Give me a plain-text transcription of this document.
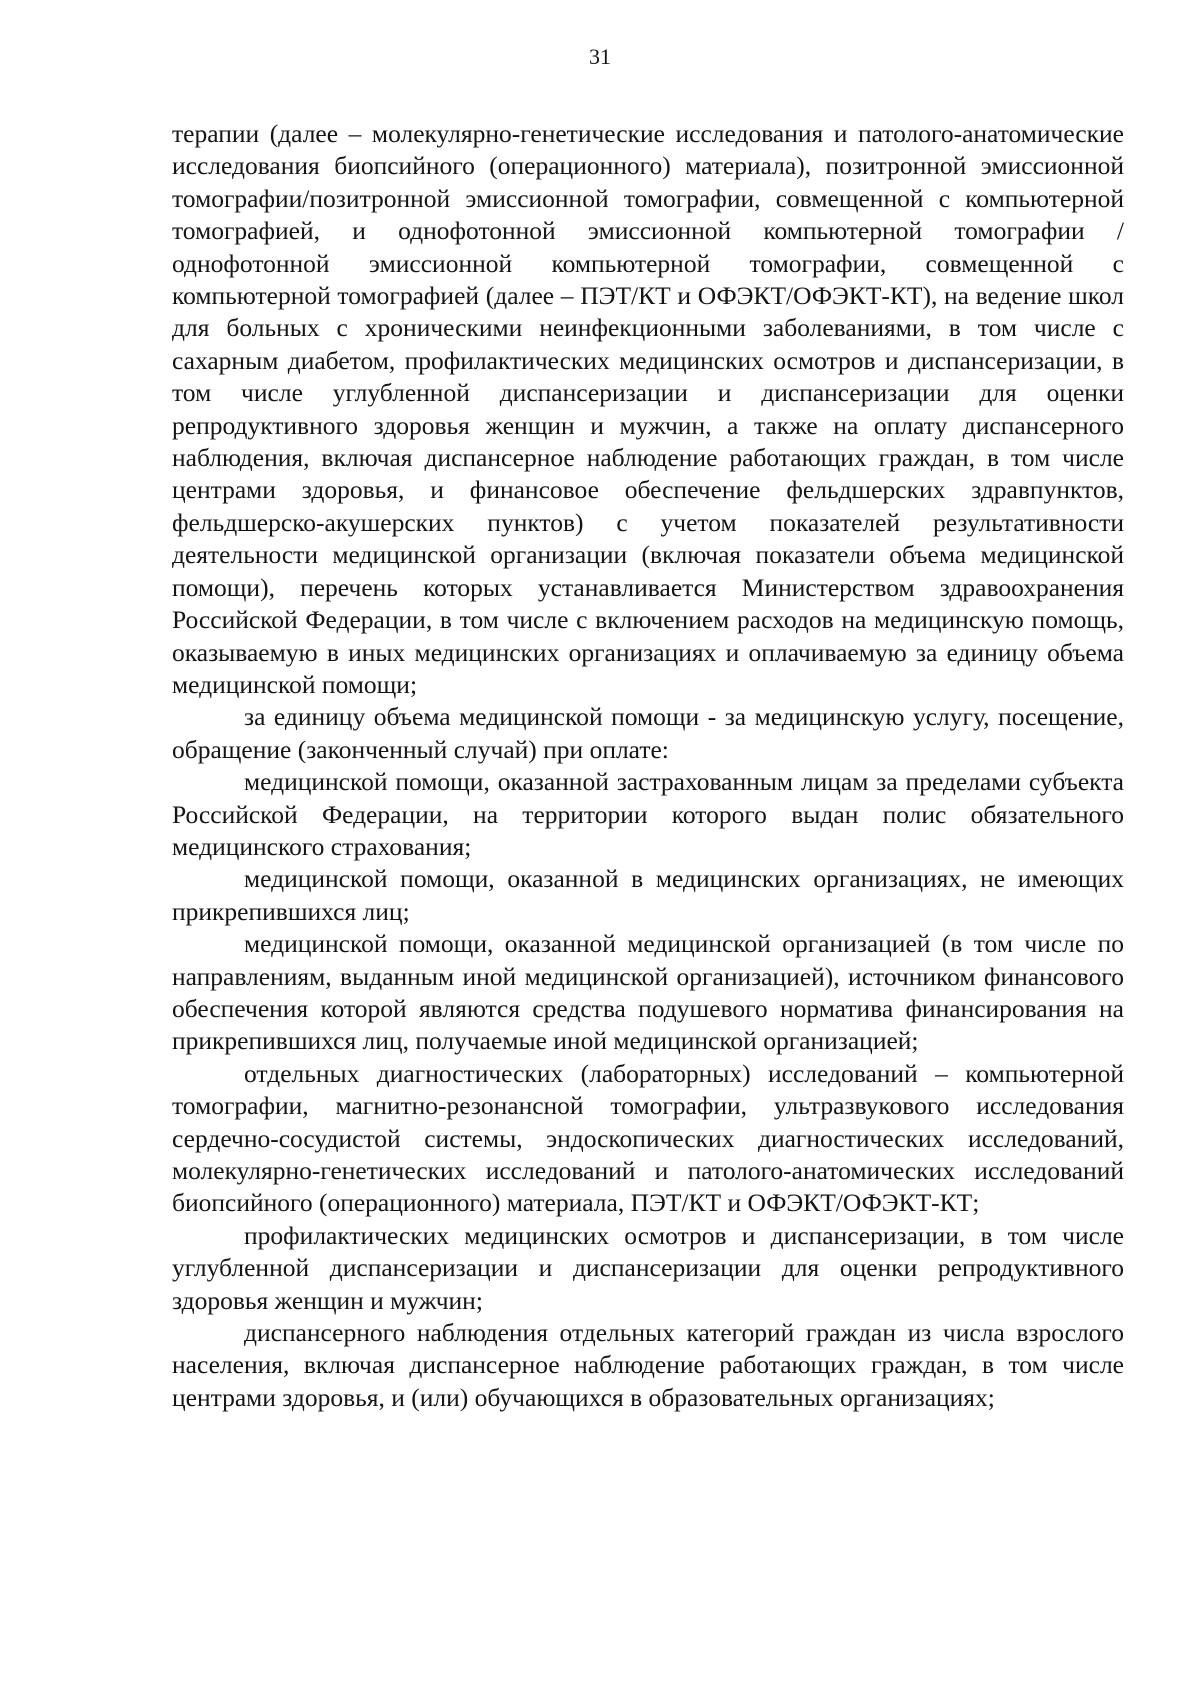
31

терапии (далее – молекулярно-генетические исследования и патолого-анатомические исследования биопсийного (операционного) материала), позитронной эмиссионной томографии/позитронной эмиссионной томографии, совмещенной с компьютерной томографией, и однофотонной эмиссионной компьютерной томографии / однофотонной эмиссионной компьютерной томографии, совмещенной с компьютерной томографией (далее – ПЭТ/КТ и ОФЭКТ/ОФЭКТ-КТ), на ведение школ для больных с хроническими неинфекционными заболеваниями, в том числе с сахарным диабетом, профилактических медицинских осмотров и диспансеризации, в том числе углубленной диспансеризации и диспансеризации для оценки репродуктивного здоровья женщин и мужчин, а также на оплату диспансерного наблюдения, включая диспансерное наблюдение работающих граждан, в том числе центрами здоровья, и финансовое обеспечение фельдшерских здравпунктов, фельдшерско-акушерских пунктов) с учетом показателей результативности деятельности медицинской организации (включая показатели объема медицинской помощи), перечень которых устанавливается Министерством здравоохранения Российской Федерации, в том числе с включением расходов на медицинскую помощь, оказываемую в иных медицинских организациях и оплачиваемую за единицу объема медицинской помощи;

за единицу объема медицинской помощи - за медицинскую услугу, посещение, обращение (законченный случай) при оплате:

медицинской помощи, оказанной застрахованным лицам за пределами субъекта Российской Федерации, на территории которого выдан полис обязательного медицинского страхования;

медицинской помощи, оказанной в медицинских организациях, не имеющих прикрепившихся лиц;

медицинской помощи, оказанной медицинской организацией (в том числе по направлениям, выданным иной медицинской организацией), источником финансового обеспечения которой являются средства подушевого норматива финансирования на прикрепившихся лиц, получаемые иной медицинской организацией;

отдельных диагностических (лабораторных) исследований – компьютерной томографии, магнитно-резонансной томографии, ультразвукового исследования сердечно-сосудистой системы, эндоскопических диагностических исследований, молекулярно-генетических исследований и патолого-анатомических исследований биопсийного (операционного) материала, ПЭТ/КТ и ОФЭКТ/ОФЭКТ-КТ;

профилактических медицинских осмотров и диспансеризации, в том числе углубленной диспансеризации и диспансеризации для оценки репродуктивного здоровья женщин и мужчин;

диспансерного наблюдения отдельных категорий граждан из числа взрослого населения, включая диспансерное наблюдение работающих граждан, в том числе центрами здоровья, и (или) обучающихся в образовательных организациях;
